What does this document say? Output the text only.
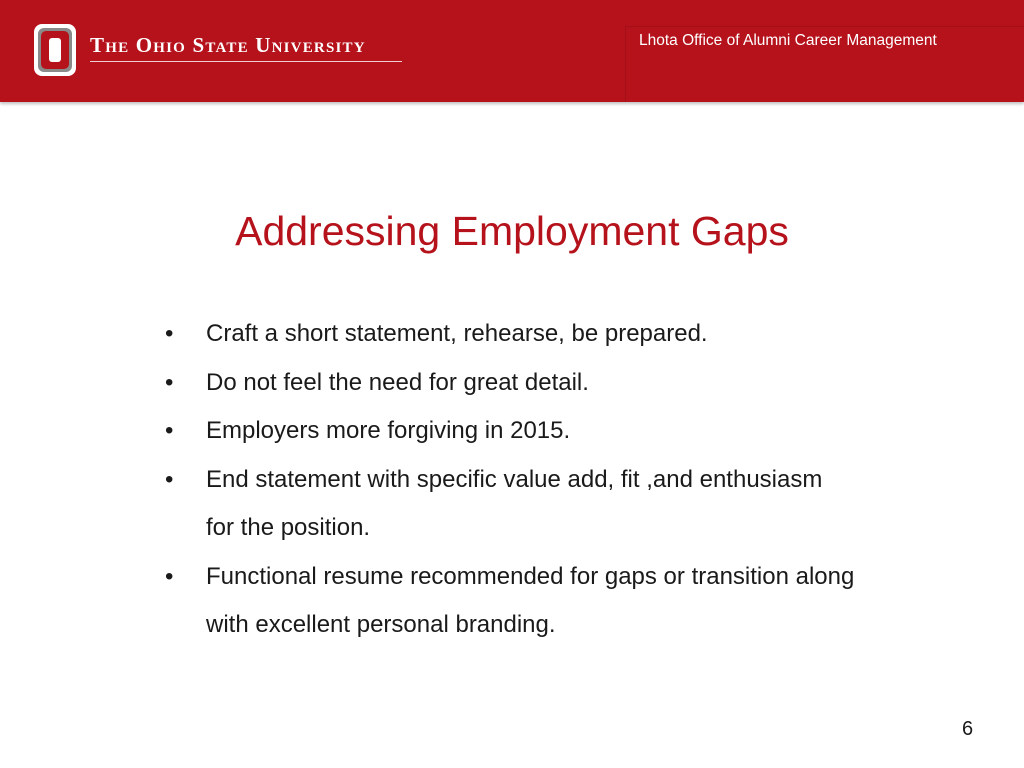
The Ohio State University	Lhota Office of Alumni Career Management
Addressing Employment Gaps
• Craft a short statement, rehearse, be prepared.
• Do not feel the need for great detail.
• Employers more forgiving in 2015.
• End statement with specific value add, fit ,and enthusiasm for the position.
• Functional resume recommended for gaps or transition along with excellent personal branding.
6
